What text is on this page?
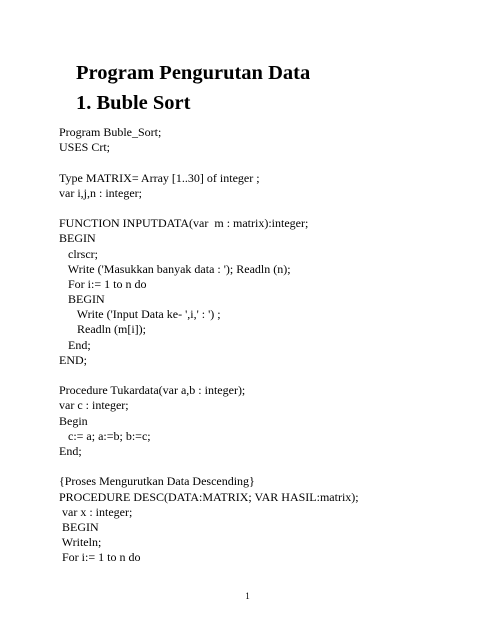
Program Pengurutan Data
1. Buble Sort
Program Buble_Sort;
USES Crt;
Type MATRIX= Array [1..30] of integer ;
var i,j,n : integer;
FUNCTION INPUTDATA(var  m : matrix):integer;
BEGIN
clrscr;
Write ('Masukkan banyak data : '); Readln (n);
For i:= 1 to n do
BEGIN
Write ('Input Data ke- ',i,' : ') ;
Readln (m[i]);
End;
END;
Procedure Tukardata(var a,b : integer);
var c : integer;
Begin
c:= a; a:=b; b:=c;
End;
{Proses Mengurutkan Data Descending}
PROCEDURE DESC(DATA:MATRIX; VAR HASIL:matrix);
var x : integer;
BEGIN
Writeln;
For i:= 1 to n do
1
